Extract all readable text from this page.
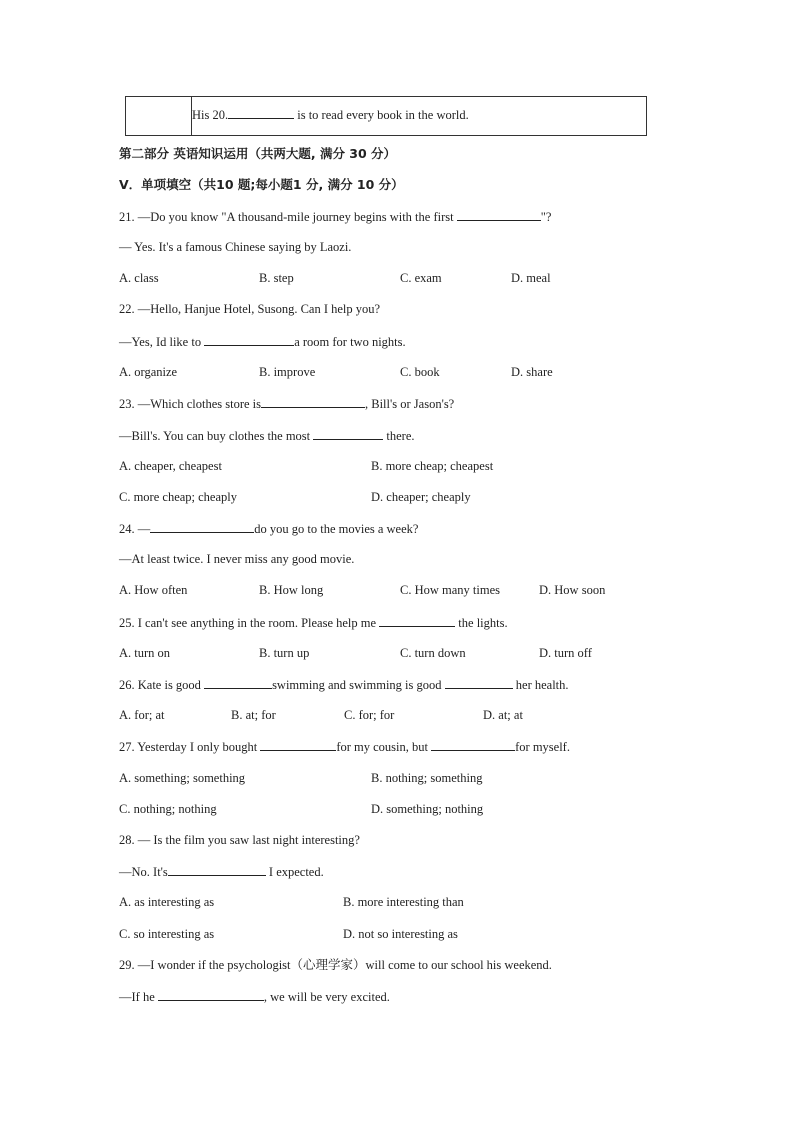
His 20.	is to read every book in the world.
第二部分 英语知识运用（共两大题, 满分 30 分）
V．单项填空（共10 题;每小题1 分, 满分 10 分）
21. —Do you know "A thousand-mile journey begins with the first	"?
— Yes. It's a famous Chinese saying by Laozi.
A. class	B. step	C. exam	D. meal
22. —Hello, Hanjue Hotel, Susong. Can I help you?
—Yes, Id like to	a room for two nights.
A. organize	B. improve	C. book	D. share
23. —Which clothes store is	, Bill's or Jason's?
—Bill's. You can buy clothes the most	there.
A. cheaper, cheapest	B. more cheap; cheapest
C. more cheap; cheaply	D. cheaper; cheaply
24. —	do you go to the movies a week?
—At least twice. I never miss any good movie.
A. How often	B. How long	C. How many times	D. How soon
25. I can't see anything in the room. Please help me	the lights.
A. turn on	B. turn up	C. turn down	D. turn off
26. Kate is good	swimming and swimming is good	her health.
A. for; at	B. at; for	C. for; for	D. at; at
27. Yesterday I only bought	for my cousin, but	for myself.
A. something; something	B. nothing; something
C. nothing; nothing	D. something; nothing
28. — Is the film you saw last night interesting?
—No. It's	I expected.
A. as interesting as	B. more interesting than
C. so interesting as	D. not so interesting as
29. —I wonder if the psychologist（心理学家）will come to our school his weekend.
—If he	, we will be very excited.
